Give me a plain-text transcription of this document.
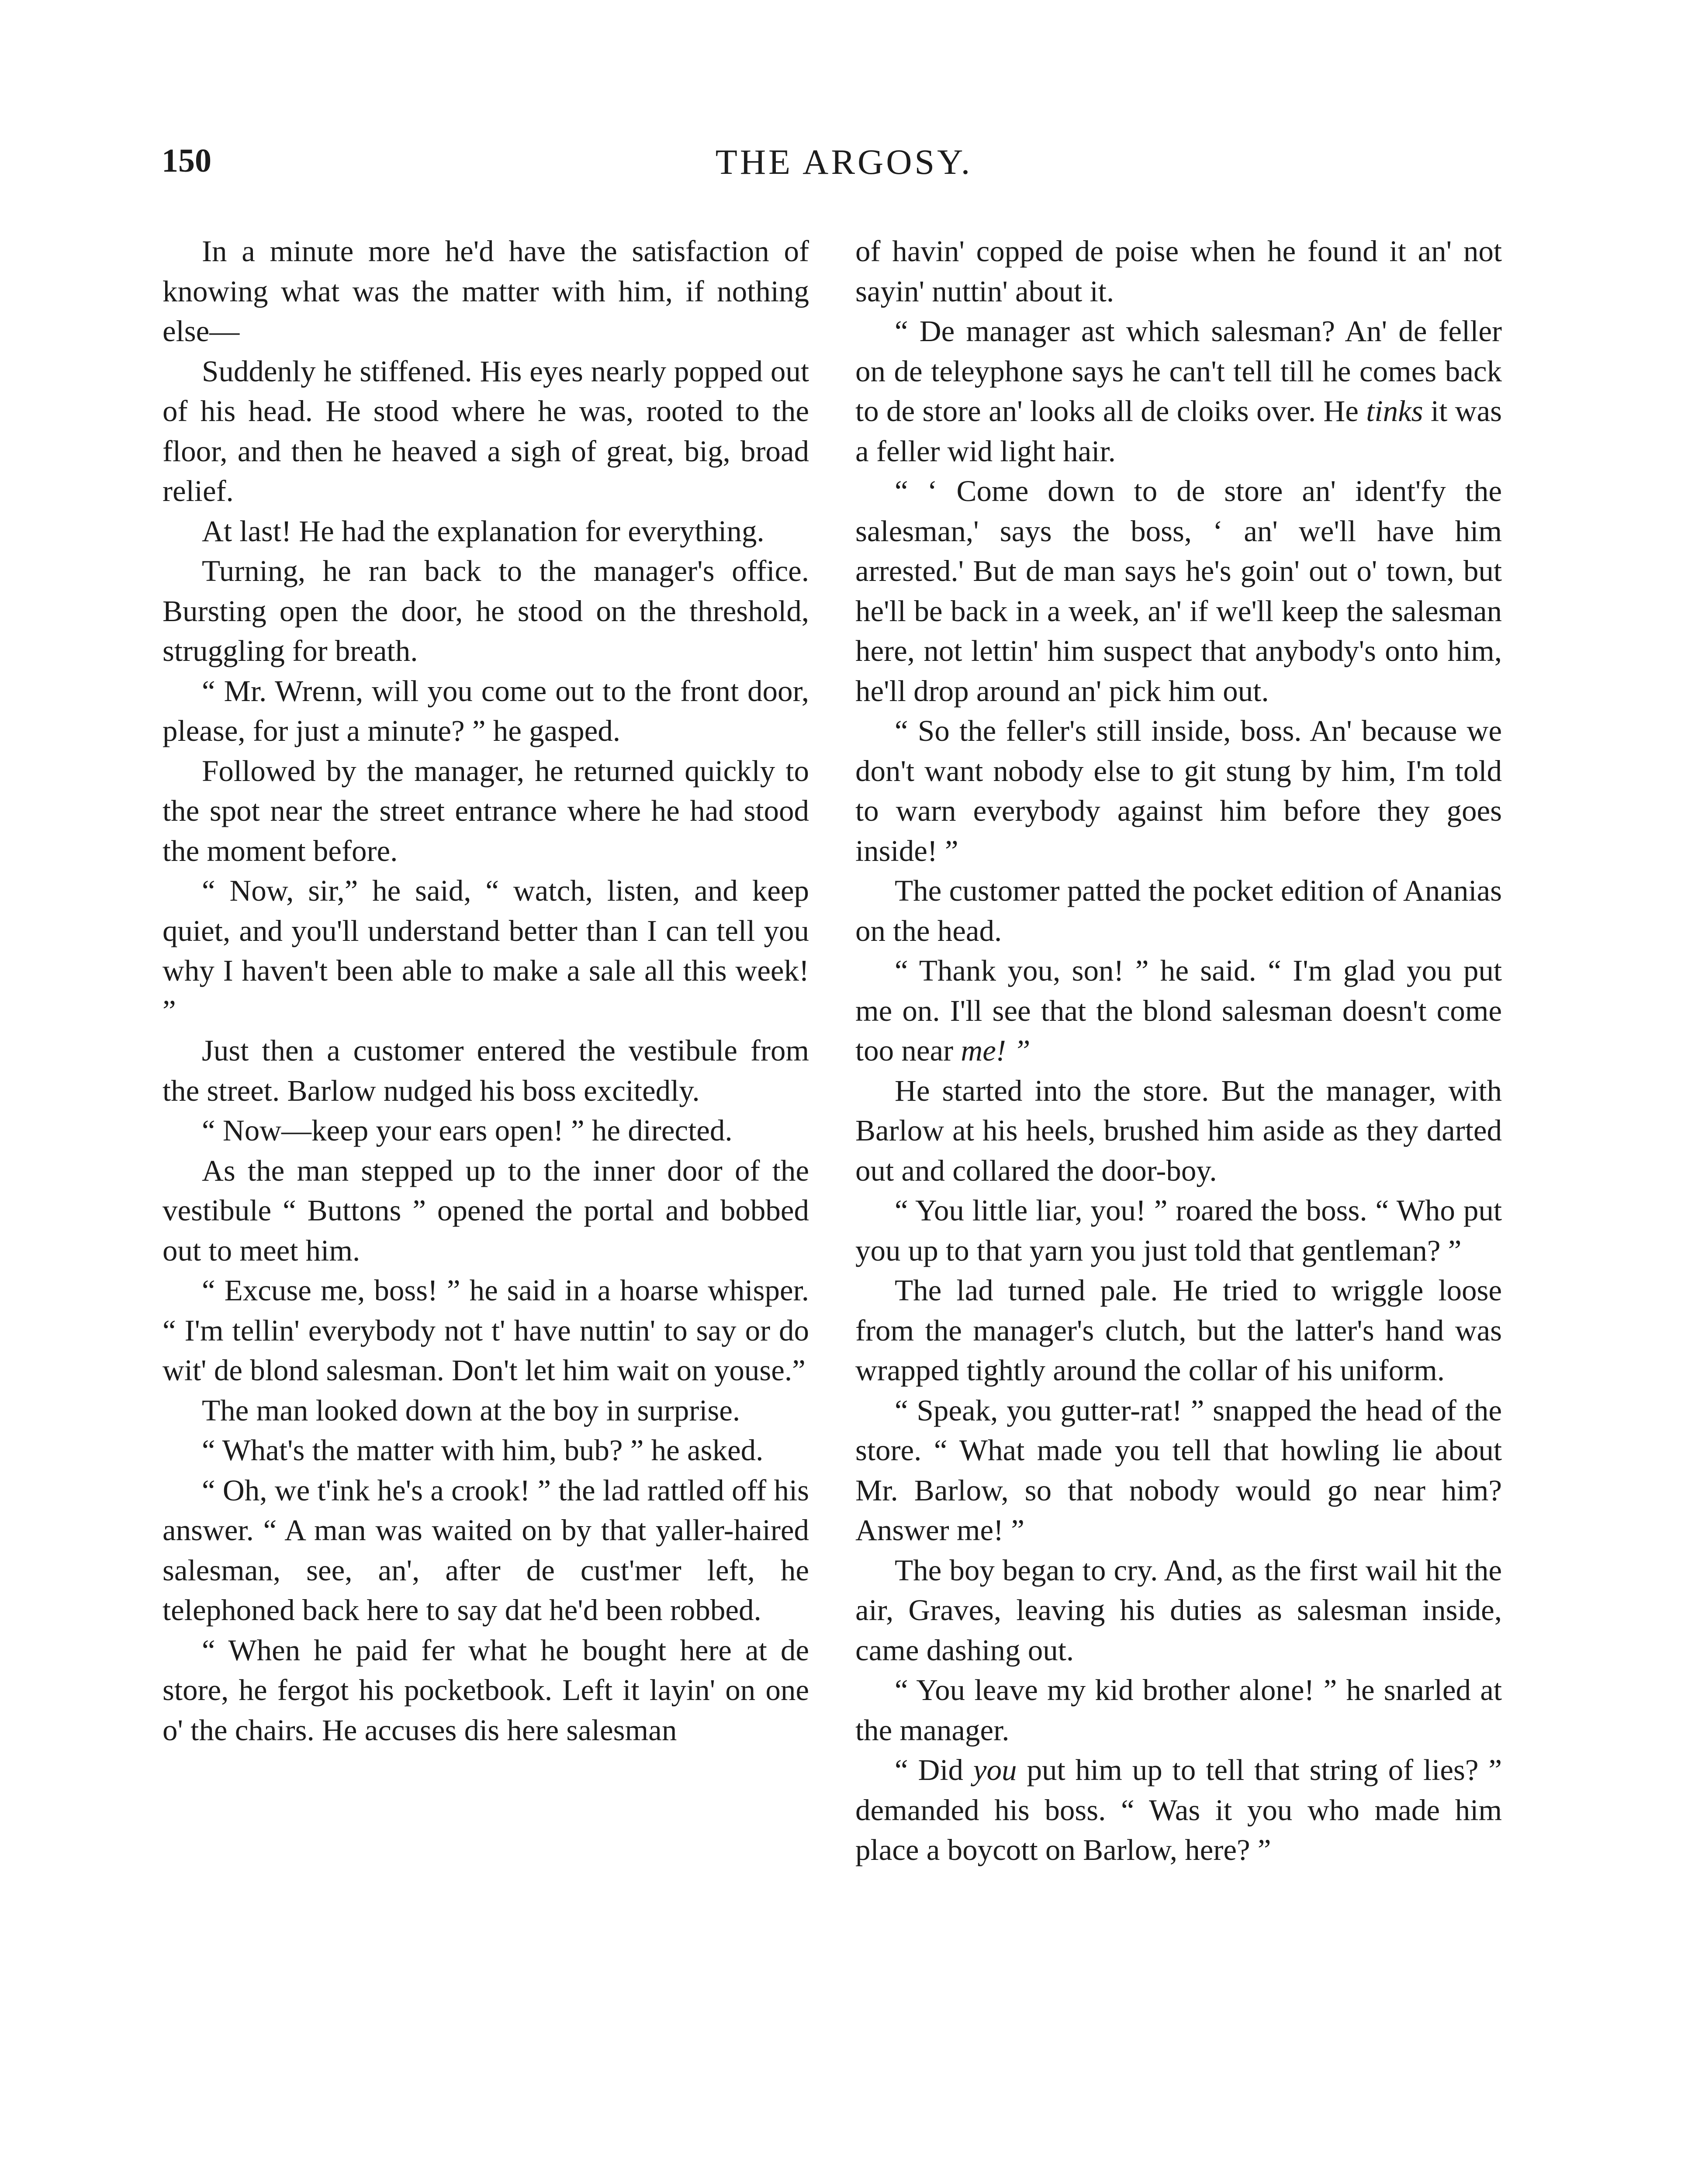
150	THE ARGOSY.

In a minute more he'd have the satisfaction of knowing what was the matter with him, if nothing else—

Suddenly he stiffened. His eyes nearly popped out of his head. He stood where he was, rooted to the floor, and then he heaved a sigh of great, big, broad relief.

At last! He had the explanation for everything.

Turning, he ran back to the manager's office. Bursting open the door, he stood on the threshold, struggling for breath.

“ Mr. Wrenn, will you come out to the front door, please, for just a minute? ” he gasped.

Followed by the manager, he returned quickly to the spot near the street entrance where he had stood the moment before.

“ Now, sir,” he said, “ watch, listen, and keep quiet, and you'll understand better than I can tell you why I haven't been able to make a sale all this week! ”

Just then a customer entered the vestibule from the street. Barlow nudged his boss excitedly.

“ Now—keep your ears open! ” he directed.

As the man stepped up to the inner door of the vestibule “ Buttons ” opened the portal and bobbed out to meet him.

“ Excuse me, boss! ” he said in a hoarse whisper. “ I'm tellin' everybody not t' have nuttin' to say or do wit' de blond salesman. Don't let him wait on youse.”

The man looked down at the boy in surprise.

“ What's the matter with him, bub? ” he asked.

“ Oh, we t'ink he's a crook! ” the lad rattled off his answer. “ A man was waited on by that yaller-haired salesman, see, an', after de cust'mer left, he telephoned back here to say dat he'd been robbed.

“ When he paid fer what he bought here at de store, he fergot his pocketbook. Left it layin' on one o' the chairs. He accuses dis here salesman

of havin' copped de poise when he found it an' not sayin' nuttin' about it.

“ De manager ast which salesman? An' de feller on de teleyphone says he can't tell till he comes back to de store an' looks all de cloiks over. He tinks it was a feller wid light hair.

“ ‘ Come down to de store an' ident'fy the salesman,' says the boss, ‘ an' we'll have him arrested.' But de man says he's goin' out o' town, but he'll be back in a week, an' if we'll keep the salesman here, not lettin' him suspect that anybody's onto him, he'll drop around an' pick him out.

“ So the feller's still inside, boss. An' because we don't want nobody else to git stung by him, I'm told to warn everybody against him before they goes inside! ”

The customer patted the pocket edition of Ananias on the head.

“ Thank you, son! ” he said. “ I'm glad you put me on. I'll see that the blond salesman doesn't come too near me! ”

He started into the store. But the manager, with Barlow at his heels, brushed him aside as they darted out and collared the door-boy.

“ You little liar, you! ” roared the boss. “ Who put you up to that yarn you just told that gentleman? ”

The lad turned pale. He tried to wriggle loose from the manager's clutch, but the latter's hand was wrapped tightly around the collar of his uniform.

“ Speak, you gutter-rat! ” snapped the head of the store. “ What made you tell that howling lie about Mr. Barlow, so that nobody would go near him? Answer me! ”

The boy began to cry. And, as the first wail hit the air, Graves, leaving his duties as salesman inside, came dashing out.

“ You leave my kid brother alone! ” he snarled at the manager.

“ Did you put him up to tell that string of lies? ” demanded his boss. “ Was it you who made him place a boycott on Barlow, here? ”
